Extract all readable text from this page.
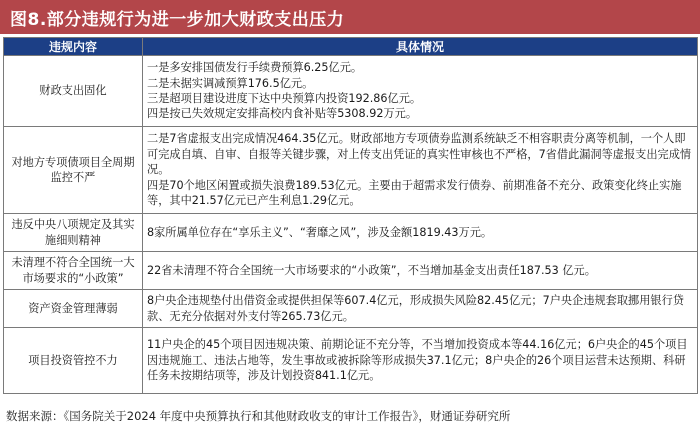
图8.部分违规行为进一步加大财政支出压力
违规内容	具体情况
财政支出固化	一是多安排国债发行手续费预算6.25亿元。
二是未据实调减预算176.5亿元。
三是超项目建设进度下达中央预算内投资192.86亿元。
四是按已失效规定安排高校内食补贴等5308.92万元。

对地方专项债项目全周期监控不严	二是7省虚报支出完成情况464.35亿元。财政部地方专项债券监测系统缺乏不相容职责分离等机制，一个人即可完成自填、自审、自报等关键步骤，对上传支出凭证的真实性审核也不严格，7省借此漏洞等虚报支出完成情况。
四是70个地区闲置或损失浪费189.53亿元。主要由于超需求发行债券、前期准备不充分、政策变化终止实施等，其中21.57亿元已产生利息1.29亿元。

违反中央八项规定及其实施细则精神	8家所属单位存在“享乐主义”、“奢靡之风”，涉及金额1819.43万元。

未清理不符合全国统一大市场要求的“小政策”	22省未清理不符合全国统一大市场要求的“小政策”，不当增加基金支出责任187.53 亿元。

资产资金管理薄弱	8户央企违规垫付出借资金或提供担保等607.4亿元，形成损失风险82.45亿元；7户央企违规套取挪用银行贷款、无充分依据对外支付等265.73亿元。

项目投资管控不力	11户央企的45个项目因违规决策、前期论证不充分等，不当增加投资成本等44.16亿元；6户央企的45个项目因违规施工、违法占地等，发生事故或被拆除等形成损失37.1亿元；8户央企的26个项目运营未达预期、科研任务未按期结项等，涉及计划投资841.1亿元。
数据来源：《国务院关于2024 年度中央预算执行和其他财政收支的审计工作报告》，财通证券研究所
